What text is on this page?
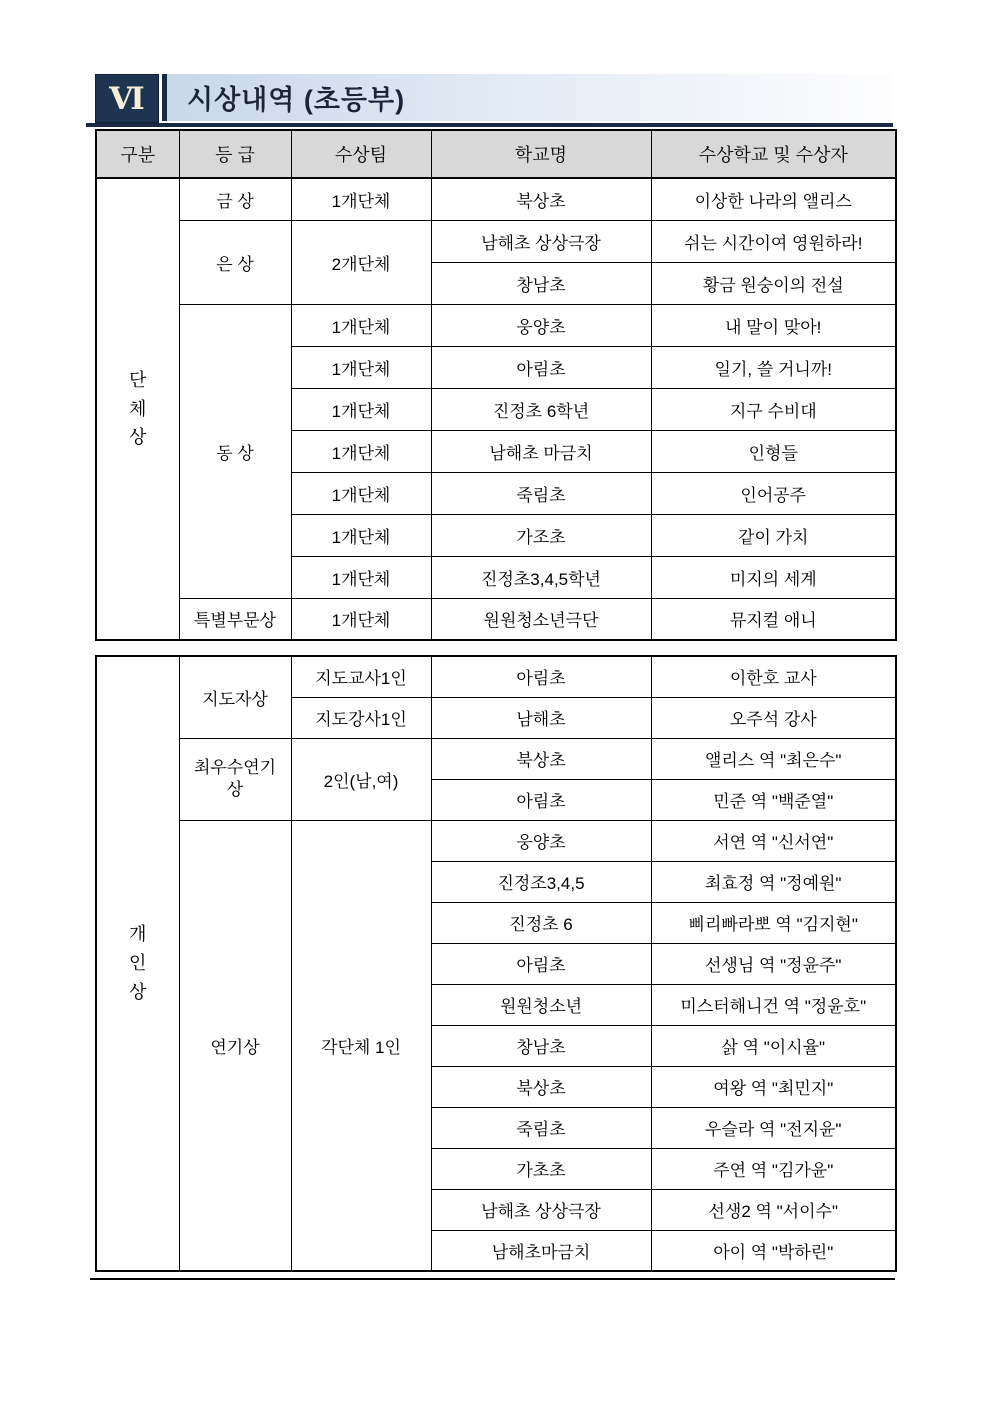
Ⅵ 시상내역 (초등부)
구분	등 급	수상팀	학교명	수상학교 및 수상자
단체상	금 상	1개단체	북상초	이상한 나라의 앨리스
	은 상	2개단체	남해초 상상극장	쉬는 시간이여 영원하라!
			창남초	황금 원숭이의 전설
	동 상	1개단체	웅양초	내 말이 맞아!
		1개단체	아림초	일기, 쓸 거니까!
		1개단체	진정초 6학년	지구 수비대
		1개단체	남해초 마금치	인형들
		1개단체	죽림초	인어공주
		1개단체	가조초	같이 가치
		1개단체	진정초3,4,5학년	미지의 세계
	특별부문상	1개단체	원원청소년극단	뮤지컬 애니
개인상	지도자상	지도교사1인	아림초	이한호 교사
		지도강사1인	남해초	오주석 강사
	최우수연기상	2인(남,여)	북상초	앨리스 역 "최은수"
			아림초	민준 역 "백준열"
	연기상	각단체 1인	웅양초	서연 역 "신서연"
			진정조3,4,5	최효정 역 "정예원"
			진정초 6	삐리빠라뽀 역 "김지현"
			아림초	선생님 역 "정윤주"
			원원청소년	미스터해니건 역 "정윤호"
			창남초	삵 역 "이시율"
			북상초	여왕 역 "최민지"
			죽림초	우슬라 역 "전지윤"
			가초초	주연 역 "김가윤"
			남해초 상상극장	선생2 역 "서이수"
			남해초마금치	아이 역 "박하린"
